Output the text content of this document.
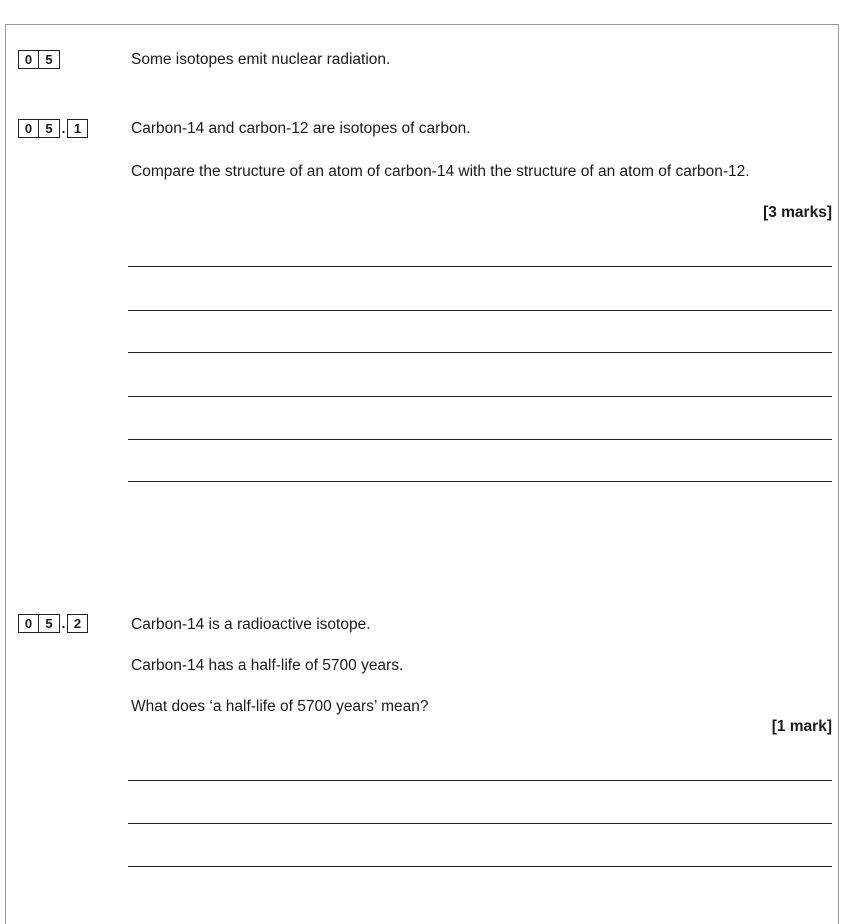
0	5	Some isotopes emit nuclear radiation.
0	5 . 1	Carbon-14 and carbon-12 are isotopes of carbon.
Compare the structure of an atom of carbon-14 with the structure of an atom of carbon-12.
[3 marks]
0	5 . 2	Carbon-14 is a radioactive isotope.
Carbon-14 has a half-life of 5700 years.
What does ‘a half-life of 5700 years’ mean?
[1 mark]
